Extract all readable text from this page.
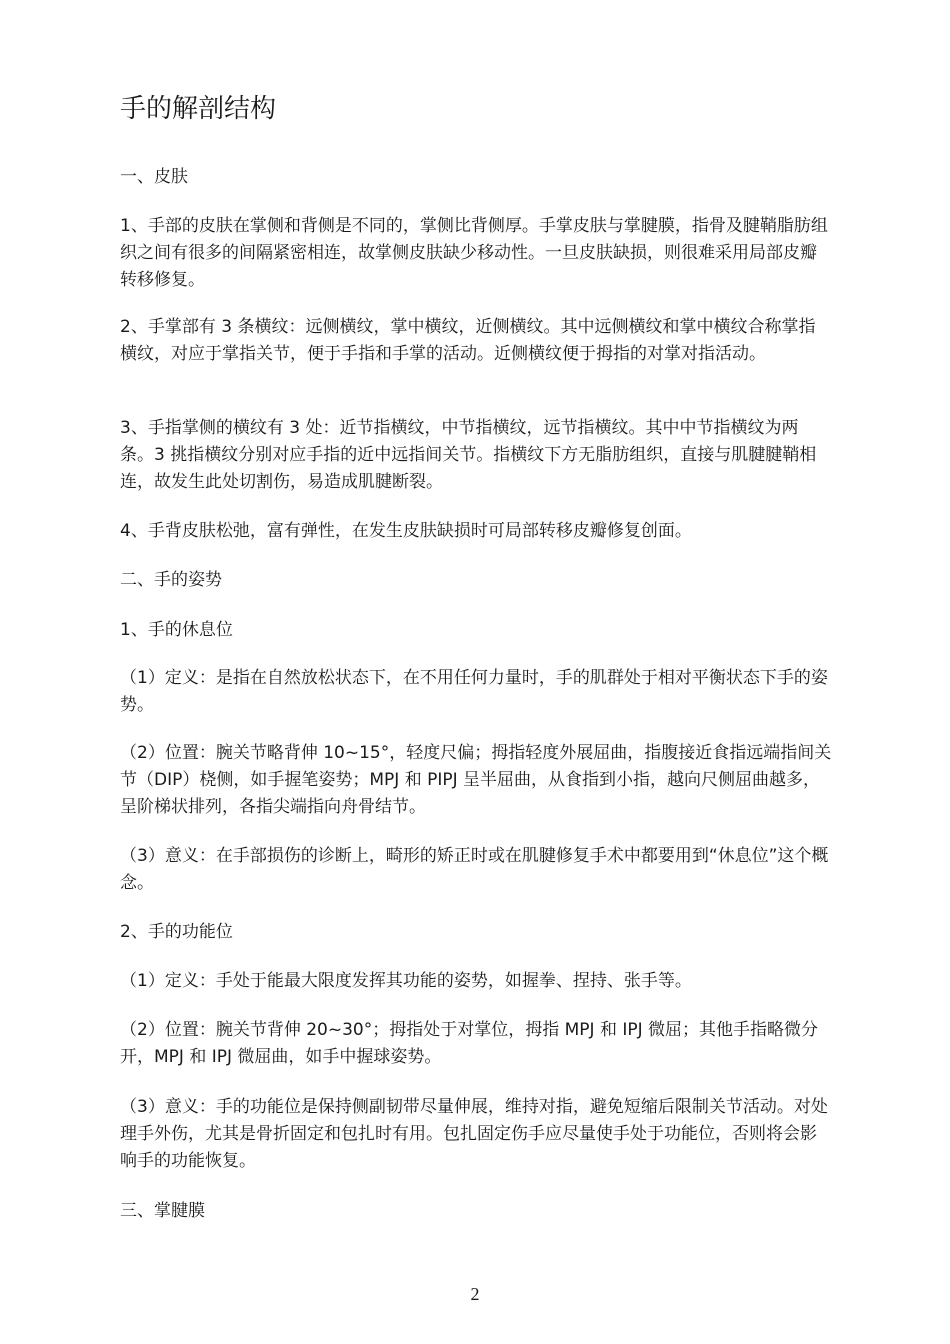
手的解剖结构

一、皮肤

1、手部的皮肤在掌侧和背侧是不同的，掌侧比背侧厚。手掌皮肤与掌腱膜，指骨及腱鞘脂肪组织之间有很多的间隔紧密相连，故掌侧皮肤缺少移动性。一旦皮肤缺损，则很难采用局部皮瓣转移修复。

2、手掌部有 3 条横纹：远侧横纹，掌中横纹，近侧横纹。其中远侧横纹和掌中横纹合称掌指横纹，对应于掌指关节，便于手指和手掌的活动。近侧横纹便于拇指的对掌对指活动。

3、手指掌侧的横纹有 3 处：近节指横纹，中节指横纹，远节指横纹。其中中节指横纹为两条。3 挑指横纹分别对应手指的近中远指间关节。指横纹下方无脂肪组织，直接与肌腱腱鞘相连，故发生此处切割伤，易造成肌腱断裂。

4、手背皮肤松弛，富有弹性，在发生皮肤缺损时可局部转移皮瓣修复创面。

二、手的姿势

1、手的休息位

（1）定义：是指在自然放松状态下，在不用任何力量时，手的肌群处于相对平衡状态下手的姿势。

（2）位置：腕关节略背伸 10~15°，轻度尺偏；拇指轻度外展屈曲，指腹接近食指远端指间关节（DIP）桡侧，如手握笔姿势；MPJ 和 PIPJ 呈半屈曲，从食指到小指，越向尺侧屈曲越多，呈阶梯状排列，各指尖端指向舟骨结节。

（3）意义：在手部损伤的诊断上，畸形的矫正时或在肌腱修复手术中都要用到“休息位”这个概念。

2、手的功能位

（1）定义：手处于能最大限度发挥其功能的姿势，如握拳、捏持、张手等。

（2）位置：腕关节背伸 20~30°；拇指处于对掌位，拇指 MPJ 和 IPJ 微屈；其他手指略微分开，MPJ 和 IPJ 微屈曲，如手中握球姿势。

（3）意义：手的功能位是保持侧副韧带尽量伸展，维持对指，避免短缩后限制关节活动。对处理手外伤，尤其是骨折固定和包扎时有用。包扎固定伤手应尽量使手处于功能位，否则将会影响手的功能恢复。

三、掌腱膜

2
